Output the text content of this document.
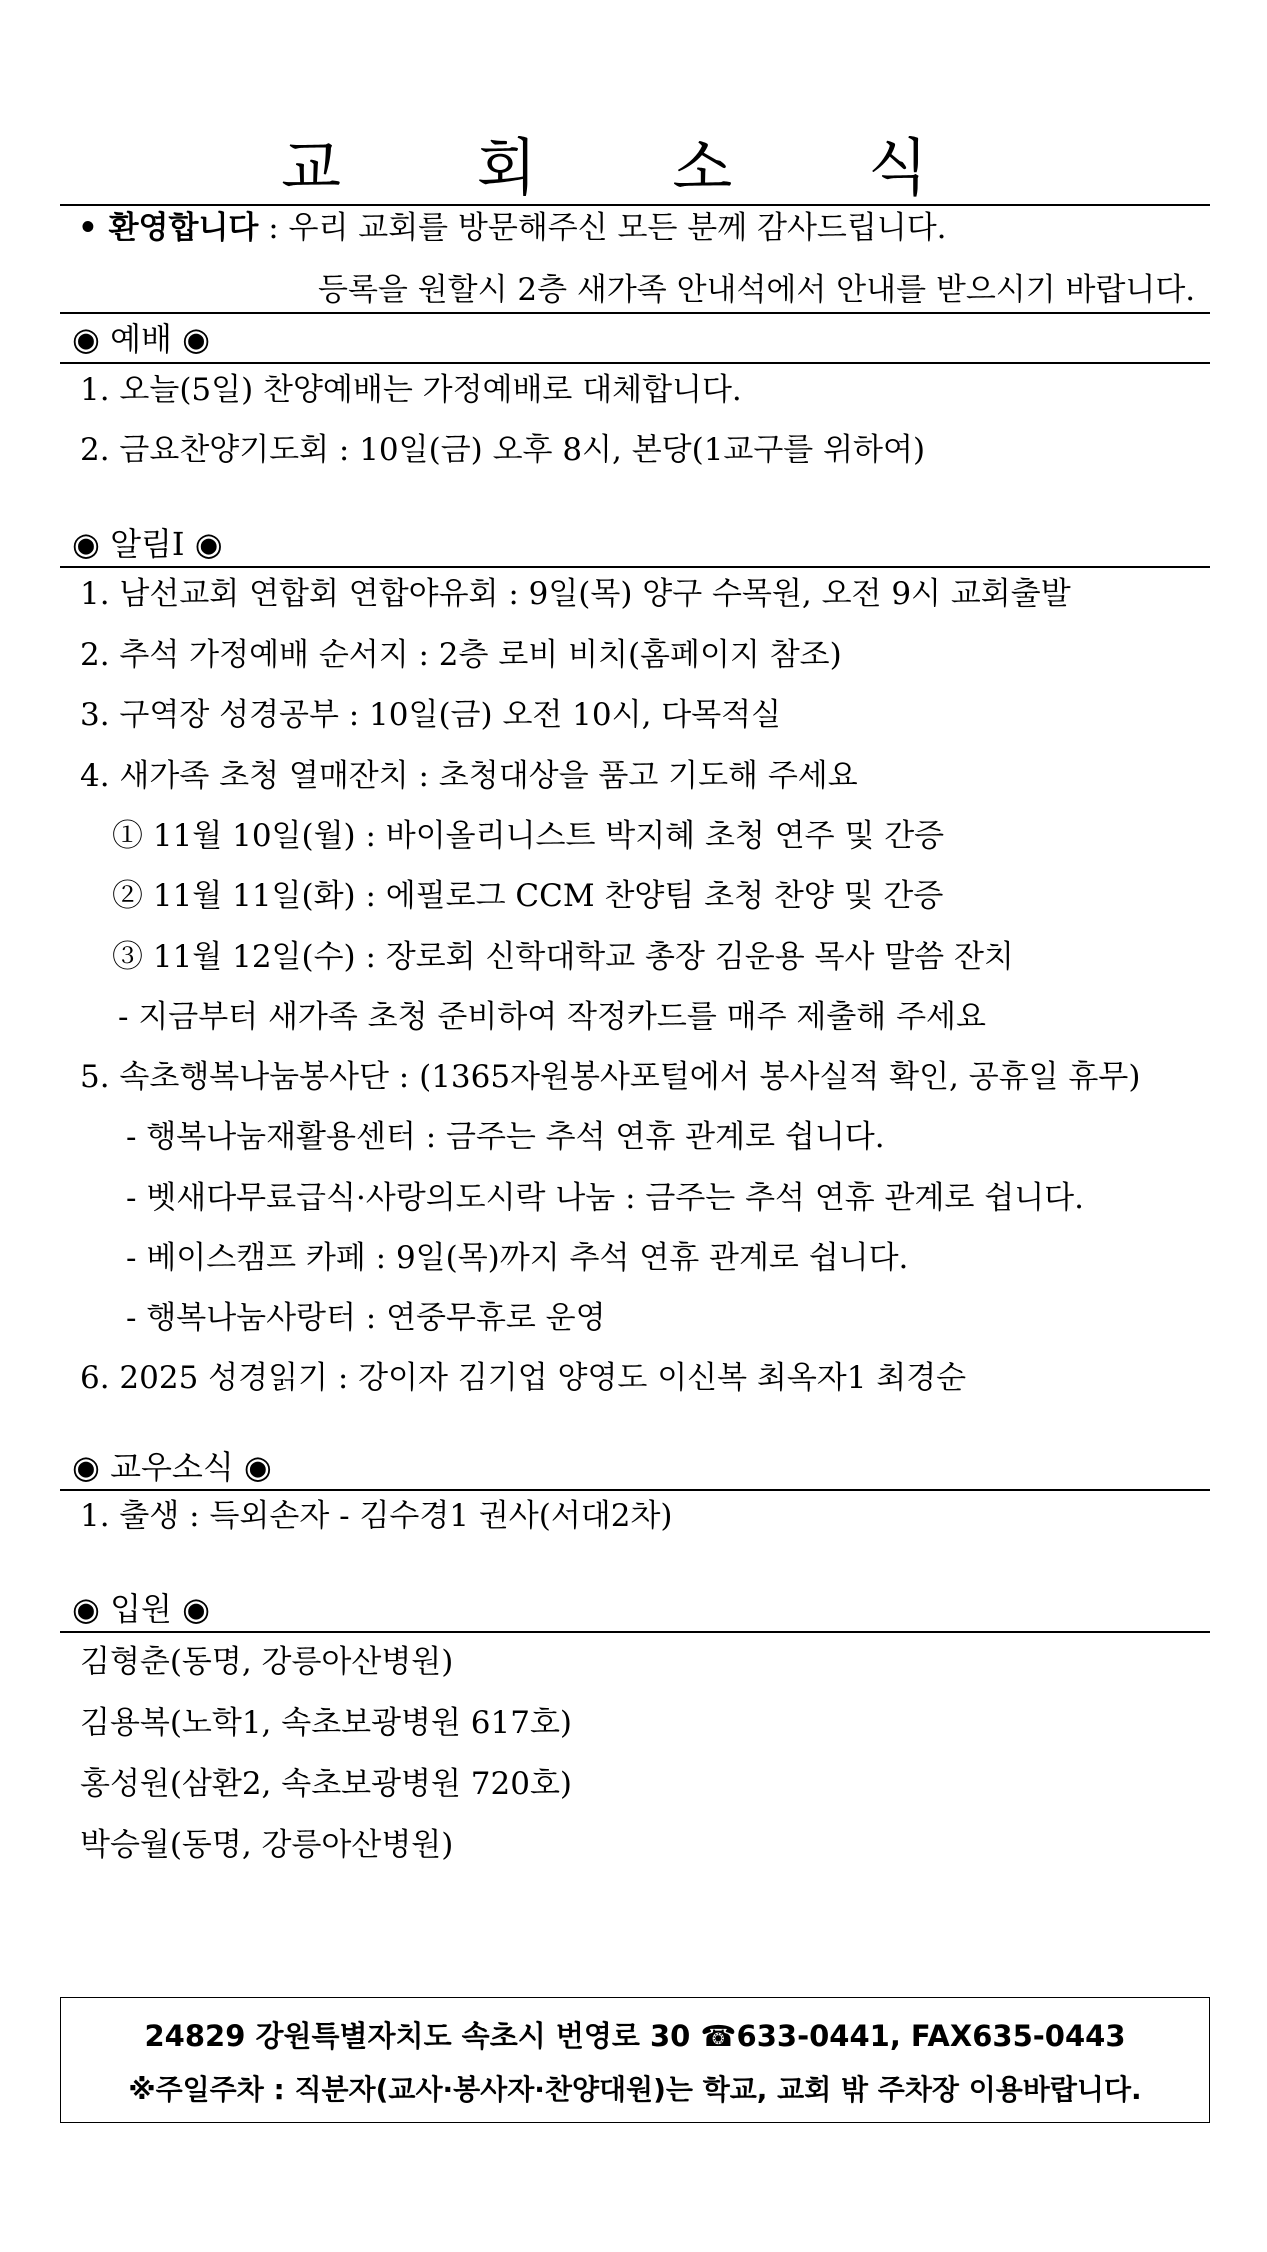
교 회 소 식
• 환영합니다 : 우리 교회를 방문해주신 모든 분께 감사드립니다.
등록을 원할시 2층 새가족 안내석에서 안내를 받으시기 바랍니다.
◉ 예배 ◉
1. 오늘(5일) 찬양예배는 가정예배로 대체합니다.
2. 금요찬양기도회 : 10일(금) 오후 8시, 본당(1교구를 위하여)
◉ 알림Ⅰ ◉
1. 남선교회 연합회 연합야유회 : 9일(목) 양구 수목원, 오전 9시 교회출발
2. 추석 가정예배 순서지 : 2층 로비 비치(홈페이지 참조)
3. 구역장 성경공부 : 10일(금) 오전 10시, 다목적실
4. 새가족 초청 열매잔치 : 초청대상을 품고 기도해 주세요
① 11월 10일(월) : 바이올리니스트 박지혜 초청 연주 및 간증
② 11월 11일(화) : 에필로그 CCM 찬양팀 초청 찬양 및 간증
③ 11월 12일(수) : 장로회 신학대학교 총장 김운용 목사 말씀 잔치
- 지금부터 새가족 초청 준비하여 작정카드를 매주 제출해 주세요
5. 속초행복나눔봉사단 : (1365자원봉사포털에서 봉사실적 확인, 공휴일 휴무)
- 행복나눔재활용센터 : 금주는 추석 연휴 관계로 쉽니다.
- 벳새다무료급식·사랑의도시락 나눔 : 금주는 추석 연휴 관계로 쉽니다.
- 베이스캠프 카페 : 9일(목)까지 추석 연휴 관계로 쉽니다.
- 행복나눔사랑터 : 연중무휴로 운영
6. 2025 성경읽기 : 강이자 김기업 양영도 이신복 최옥자1 최경순
◉ 교우소식 ◉
1. 출생 : 득외손자 - 김수경1 권사(서대2차)
◉ 입원 ◉
김형춘(동명, 강릉아산병원)
김용복(노학1, 속초보광병원 617호)
홍성원(삼환2, 속초보광병원 720호)
박승월(동명, 강릉아산병원)
24829 강원특별자치도 속초시 번영로 30 ☎633-0441, FAX635-0443
※주일주차 : 직분자(교사·봉사자·찬양대원)는 학교, 교회 밖 주차장 이용바랍니다.
